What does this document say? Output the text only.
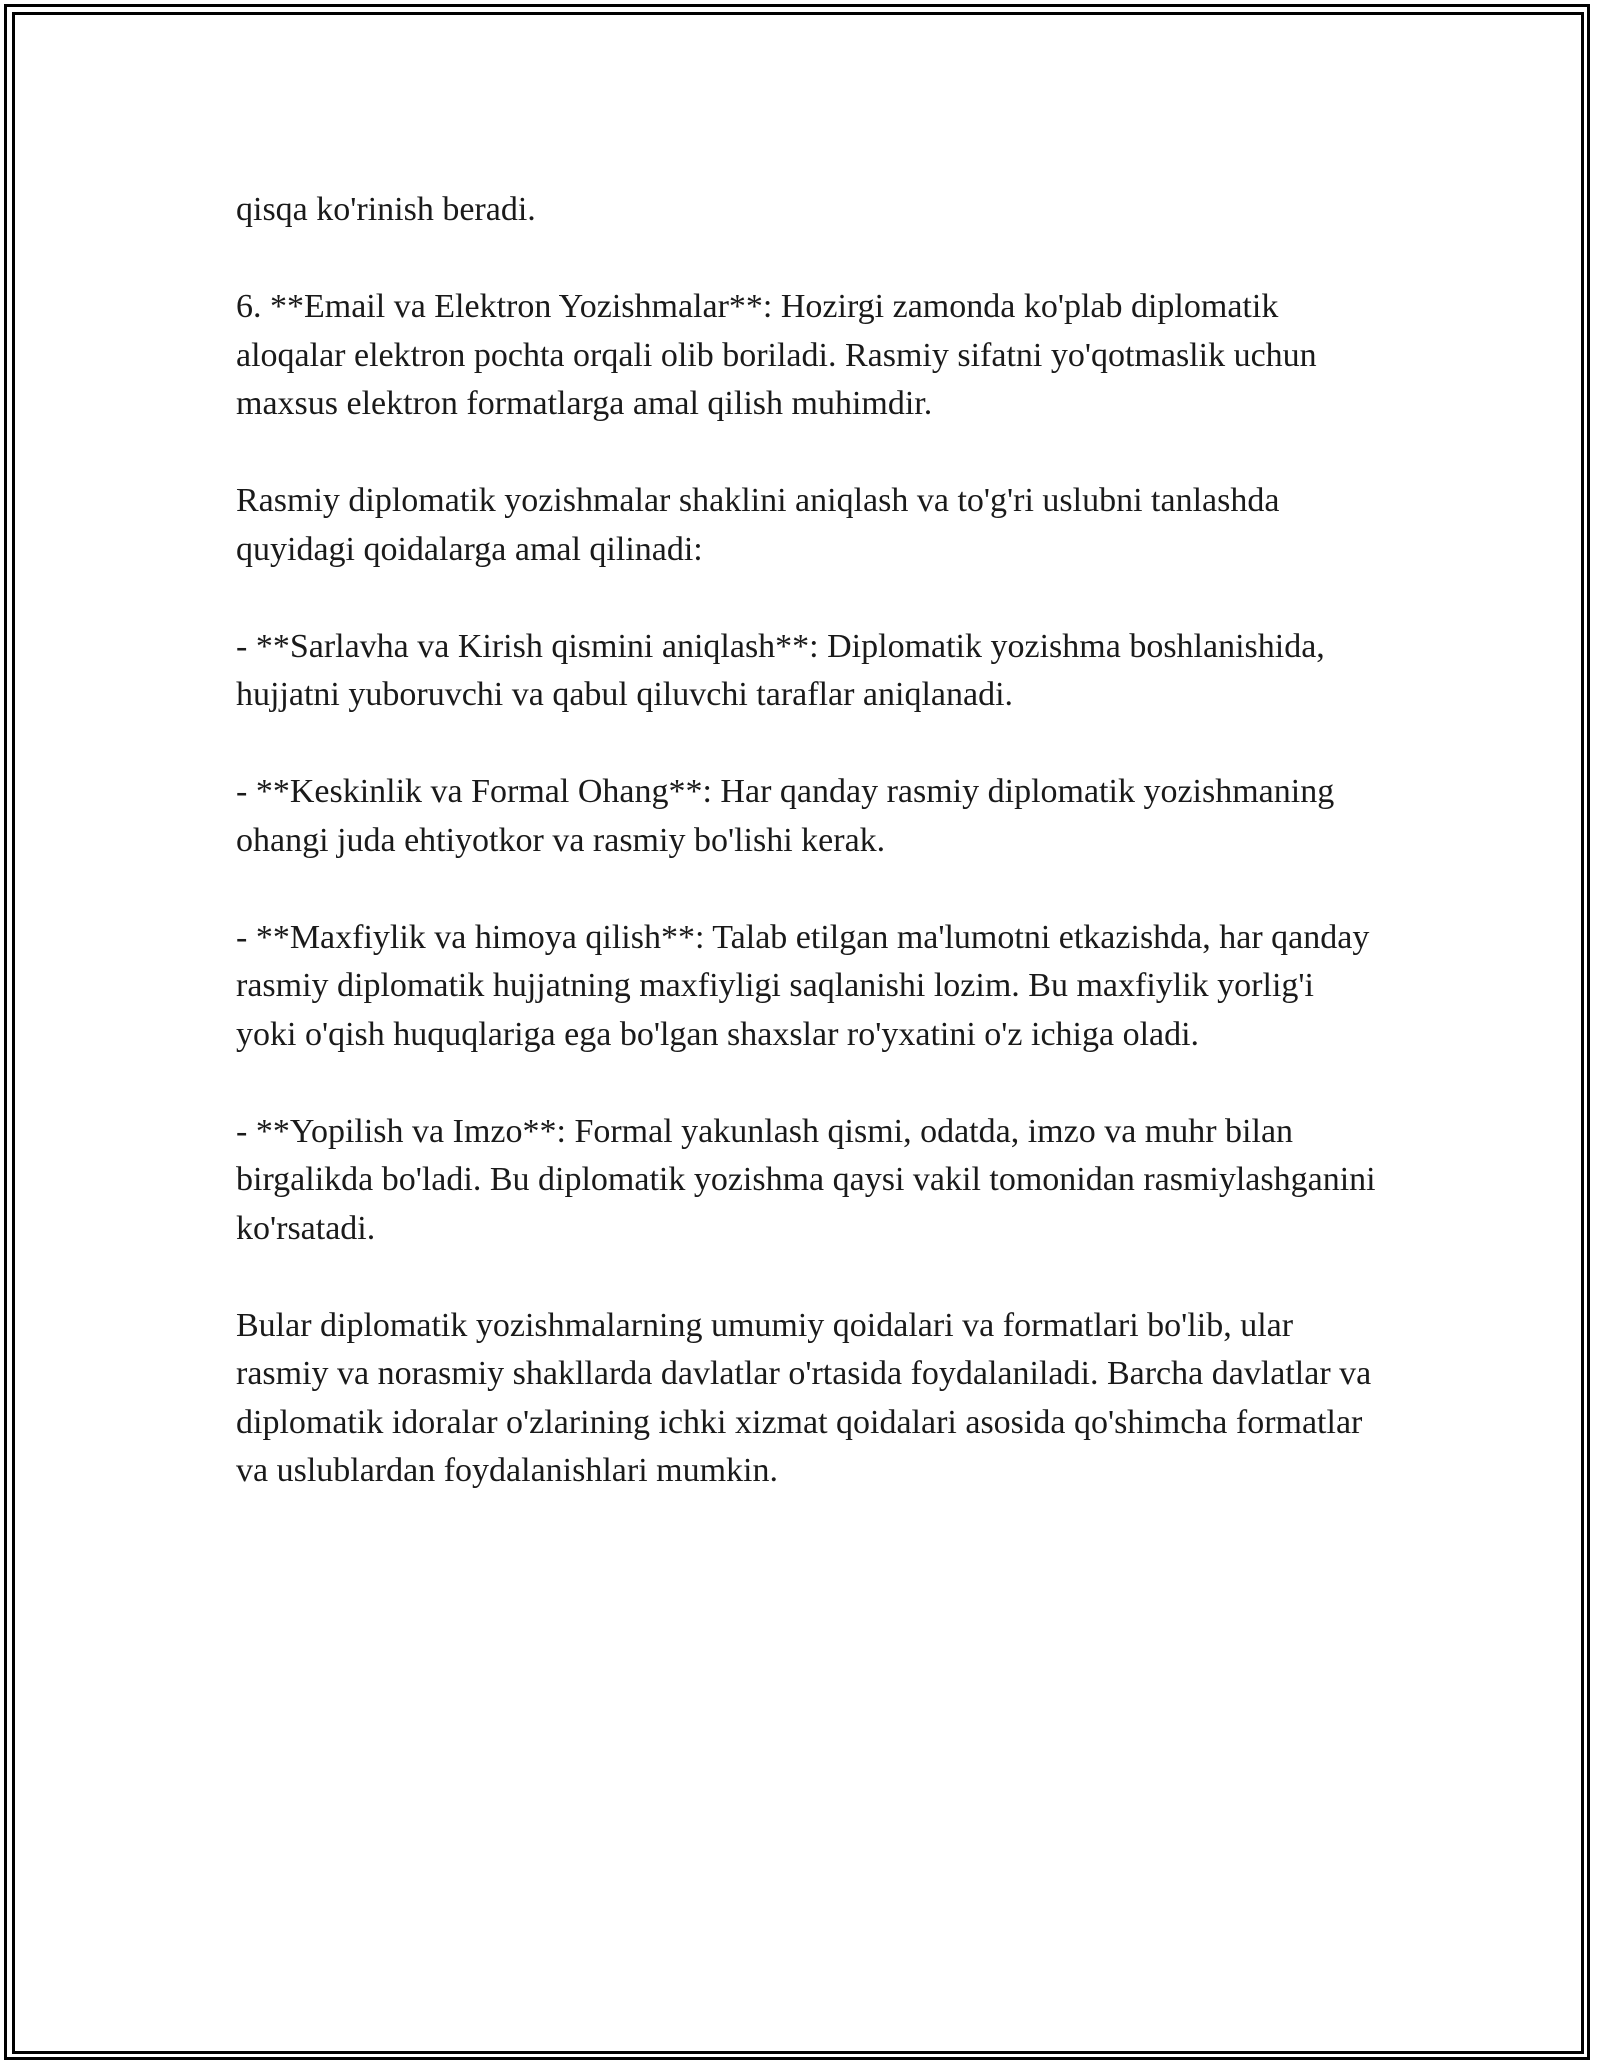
qisqa ko'rinish beradi.

6. **Email va Elektron Yozishmalar**: Hozirgi zamonda ko'plab diplomatik aloqalar elektron pochta orqali olib boriladi. Rasmiy sifatni yo'qotmaslik uchun maxsus elektron formatlarga amal qilish muhimdir.

Rasmiy diplomatik yozishmalar shaklini aniqlash va to'g'ri uslubni tanlashda quyidagi qoidalarga amal qilinadi:

- **Sarlavha va Kirish qismini aniqlash**: Diplomatik yozishma boshlanishida, hujjatni yuboruvchi va qabul qiluvchi taraflar aniqlanadi.

- **Keskinlik va Formal Ohang**: Har qanday rasmiy diplomatik yozishmaning ohangi juda ehtiyotkor va rasmiy bo'lishi kerak.

- **Maxfiylik va himoya qilish**: Talab etilgan ma'lumotni etkazishda, har qanday rasmiy diplomatik hujjatning maxfiyligi saqlanishi lozim. Bu maxfiylik yorlig'i yoki o'qish huquqlariga ega bo'lgan shaxslar ro'yxatini o'z ichiga oladi.

- **Yopilish va Imzo**: Formal yakunlash qismi, odatda, imzo va muhr bilan birgalikda bo'ladi. Bu diplomatik yozishma qaysi vakil tomonidan rasmiylashganini ko'rsatadi.

Bular diplomatik yozishmalarning umumiy qoidalari va formatlari bo'lib, ular rasmiy va norasmiy shakllarda davlatlar o'rtasida foydalaniladi. Barcha davlatlar va diplomatik idoralar o'zlarining ichki xizmat qoidalari asosida qo'shimcha formatlar va uslublardan foydalanishlari mumkin.
